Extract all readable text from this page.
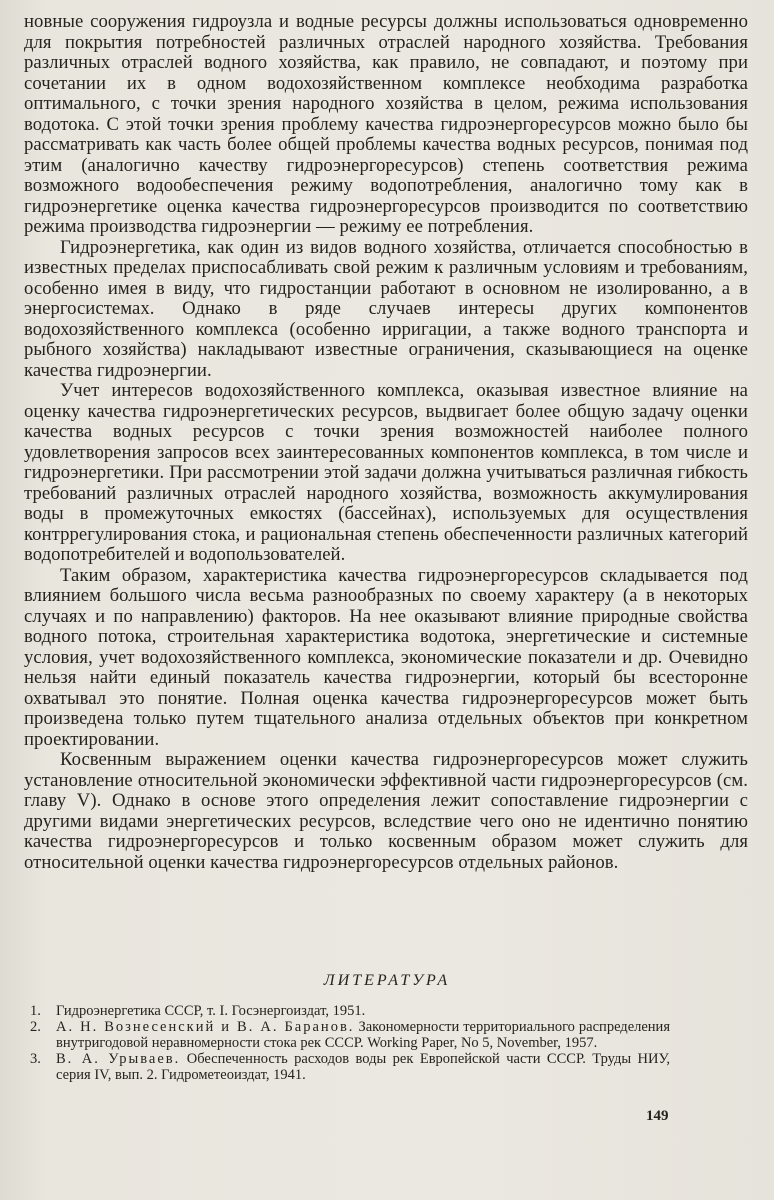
новные сооружения гидроузла и водные ресурсы должны использоваться одновременно для покрытия потребностей различных отраслей народного хозяйства. Требования различных отраслей водного хозяйства, как правило, не совпадают, и поэтому при сочетании их в одном водохозяйственном комплексе необходима разработка оптимального, с точки зрения народного хозяйства в целом, режима использования водотока. С этой точки зрения проблему качества гидроэнергоресурсов можно было бы рассматривать как часть более общей проблемы качества водных ресурсов, понимая под этим (аналогично качеству гидроэнергоресурсов) степень соответствия режима возможного водообеспечения режиму водопотребления, аналогично тому как в гидроэнергетике оценка качества гидроэнергоресурсов производится по соответствию режима производства гидроэнергии — режиму ее потребления.

Гидроэнергетика, как один из видов водного хозяйства, отличается способностью в известных пределах приспосабливать свой режим к различным условиям и требованиям, особенно имея в виду, что гидростанции работают в основном не изолированно, а в энергосистемах. Однако в ряде случаев интересы других компонентов водохозяйственного комплекса (особенно ирригации, а также водного транспорта и рыбного хозяйства) накладывают известные ограничения, сказывающиеся на оценке качества гидроэнергии.

Учет интересов водохозяйственного комплекса, оказывая известное влияние на оценку качества гидроэнергетических ресурсов, выдвигает более общую задачу оценки качества водных ресурсов с точки зрения возможностей наиболее полного удовлетворения запросов всех заинтересованных компонентов комплекса, в том числе и гидроэнергетики. При рассмотрении этой задачи должна учитываться различная гибкость требований различных отраслей народного хозяйства, возможность аккумулирования воды в промежуточных емкостях (бассейнах), используемых для осуществления контррегулирования стока, и рациональная степень обеспеченности различных категорий водопотребителей и водопользователей.

Таким образом, характеристика качества гидроэнергоресурсов складывается под влиянием большого числа весьма разнообразных по своему характеру (а в некоторых случаях и по направлению) факторов. На нее оказывают влияние природные свойства водного потока, строительная характеристика водотока, энергетические и системные условия, учет водохозяйственного комплекса, экономические показатели и др. Очевидно нельзя найти единый показатель качества гидроэнергии, который бы всесторонне охватывал это понятие. Полная оценка качества гидроэнергоресурсов может быть произведена только путем тщательного анализа отдельных объектов при конкретном проектировании.

Косвенным выражением оценки качества гидроэнергоресурсов может служить установление относительной экономически эффективной части гидроэнергоресурсов (см. главу V). Однако в основе этого определения лежит сопоставление гидроэнергии с другими видами энергетических ресурсов, вследствие чего оно не идентично понятию качества гидроэнергоресурсов и только косвенным образом может служить для относительной оценки качества гидроэнергоресурсов отдельных районов.

ЛИТЕРАТУРА

1. Гидроэнергетика СССР, т. I. Госэнергоиздат, 1951.

2. А. Н. Вознесенский и В. А. Баранов. Закономерности территориального распределения внутригодовой неравномерности стока рек СССР. Working Paper, No 5, November, 1957.

3. В. А. Урываев. Обеспеченность расходов воды рек Европейской части СССР. Труды НИУ, серия IV, вып. 2. Гидрометеоиздат, 1941.

149
